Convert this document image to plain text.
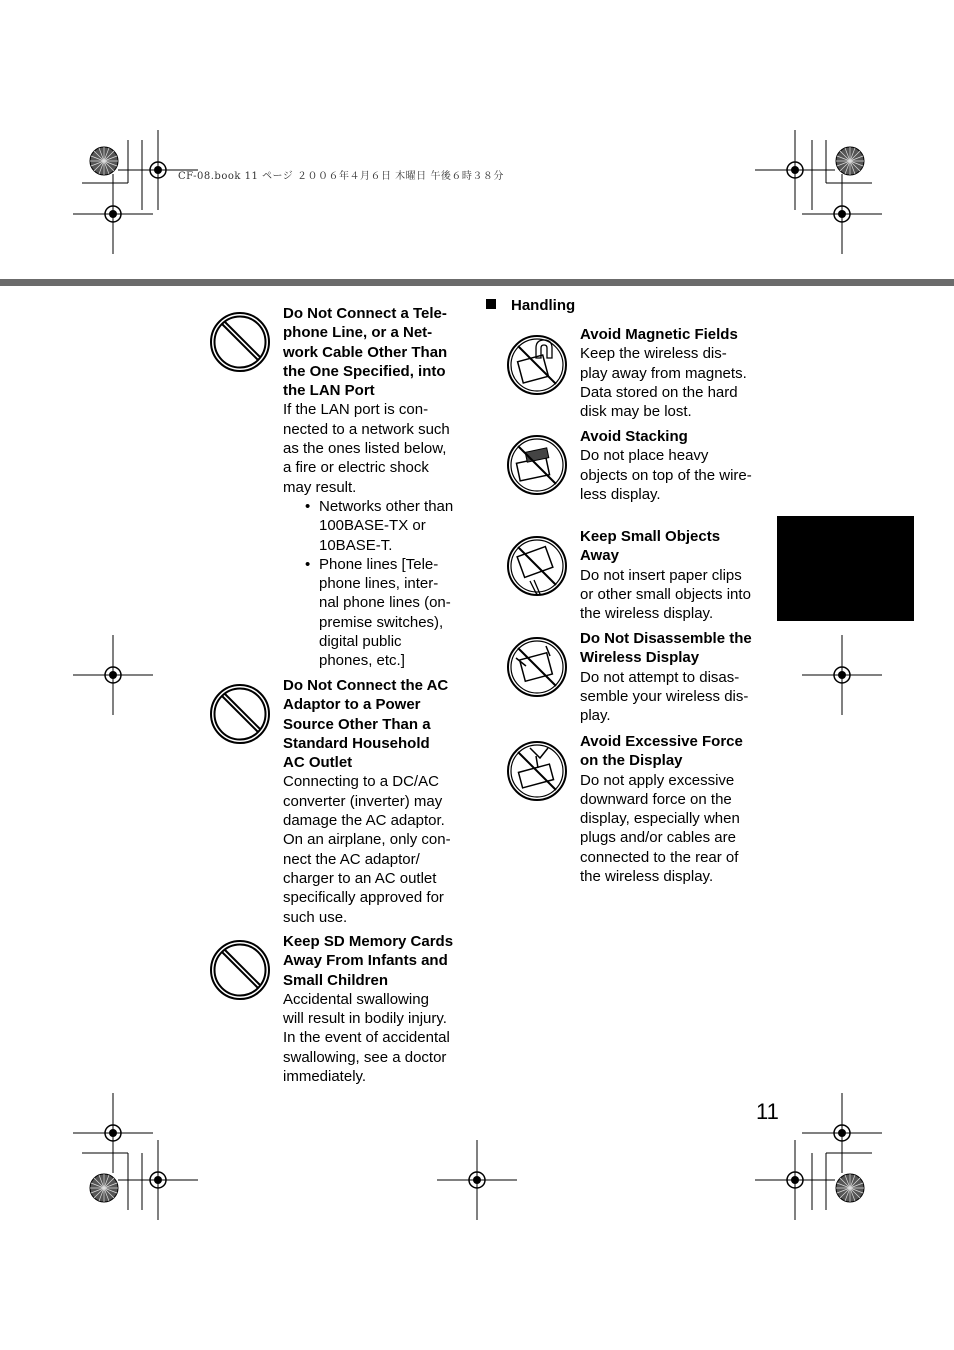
CF-08.book 11 ページ ２００６年４月６日 木曜日 午後６時３８分
11
Do Not Connect a Tele-
phone Line, or a Net-
work Cable Other Than
the One Specified, into
the LAN Port

If the LAN port is con-
nected to a network such
as the ones listed below,
a fire or electric shock
may result.

• Networks other than
100BASE-TX or
10BASE-T.
• Phone lines [Tele-
phone lines, inter-
nal phone lines (on-
premise switches),
digital public
phones, etc.]
Do Not Connect the AC
Adaptor to a Power
Source Other Than a
Standard Household
AC Outlet

Connecting to a DC/AC
converter (inverter) may
damage the AC adaptor.
On an airplane, only con-
nect the AC adaptor/
charger to an AC outlet
specifically approved for
such use.

Keep SD Memory Cards
Away From Infants and
Small Children

Accidental swallowing
will result in bodily injury.
In the event of accidental
swallowing, see a doctor
immediately.

Handling
Avoid Magnetic Fields

Keep the wireless dis-
play away from magnets.
Data stored on the hard
disk may be lost.

Avoid Stacking

Do not place heavy
objects on top of the wire-
less display.

Keep Small Objects
Away

Do not insert paper clips
or other small objects into
the wireless display.

Do Not Disassemble the
Wireless Display

Do not attempt to disas-
semble your wireless dis-
play.

Avoid Excessive Force
on the Display

Do not apply excessive
downward force on the
display, especially when
plugs and/or cables are
connected to the rear of
the wireless display.
